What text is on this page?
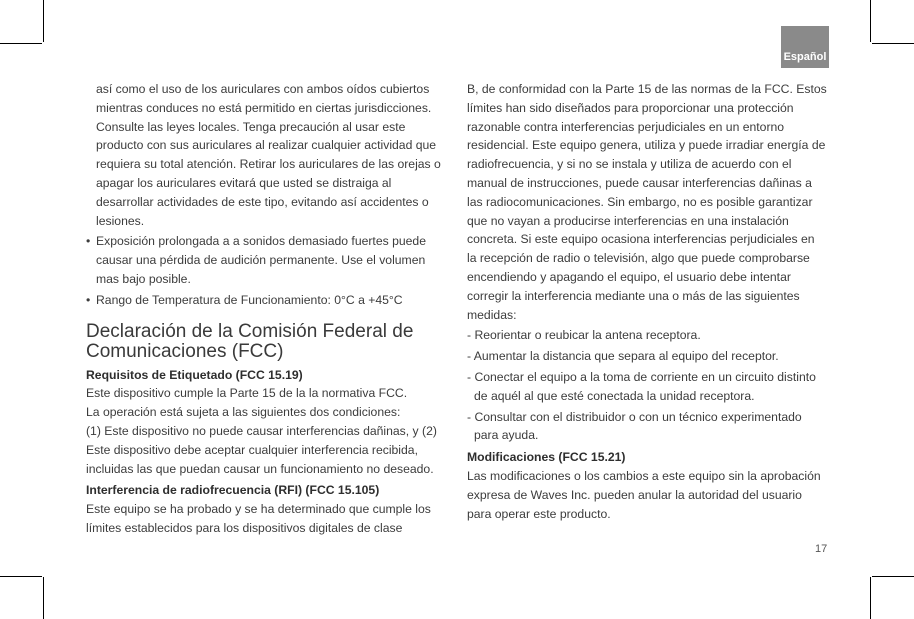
Español

así como el uso de los auriculares con ambos oídos cubiertos mientras conduces no está permitido en ciertas jurisdicciones. Consulte las leyes locales. Tenga precaución al usar este producto con sus auriculares al realizar cualquier actividad que requiera su total atención. Retirar los auriculares de las orejas o apagar los auriculares evitará que usted se distraiga al desarrollar actividades de este tipo, evitando así accidentes o lesiones.

• Exposición prolongada a a sonidos demasiado fuertes puede causar una pérdida de audición permanente. Use el volumen mas bajo posible.
• Rango de Temperatura de Funcionamiento: 0°C a +45°C
Declaración de la Comisión Federal de Comunicaciones (FCC)

Requisitos de Etiquetado (FCC 15.19)

Este dispositivo cumple la Parte 15 de la la normativa FCC.

La operación está sujeta a las siguientes dos condiciones:

(1) Este dispositivo no puede causar interferencias dañinas, y (2) Este dispositivo debe aceptar cualquier interferencia recibida, incluidas las que puedan causar un funcionamiento no deseado.

Interferencia de radiofrecuencia (RFI) (FCC 15.105)

Este equipo se ha probado y se ha determinado que cumple los límites establecidos para los dispositivos digitales de clase

B, de conformidad con la Parte 15 de las normas de la FCC. Estos límites han sido diseñados para proporcionar una protección razonable contra interferencias perjudiciales en un entorno residencial. Este equipo genera, utiliza y puede irradiar energía de radiofrecuencia, y si no se instala y utiliza de acuerdo con el manual de instrucciones, puede causar interferencias dañinas a las radiocomunicaciones. Sin embargo, no es posible garantizar que no vayan a producirse interferencias en una instalación concreta. Si este equipo ocasiona interferencias perjudiciales en la recepción de radio o televisión, algo que puede comprobarse encendiendo y apagando el equipo, el usuario debe intentar corregir la interferencia mediante una o más de las siguientes medidas:

- Reorientar o reubicar la antena receptora.

- Aumentar la distancia que separa al equipo del receptor.

- Conectar el equipo a la toma de corriente en un circuito distinto de aquél al que esté conectada la unidad receptora.

- Consultar con el distribuidor o con un técnico experimentado para ayuda.

Modificaciones (FCC 15.21)

Las modificaciones o los cambios a este equipo sin la aprobación expresa de Waves Inc. pueden anular la autoridad del usuario para operar este producto.

17
